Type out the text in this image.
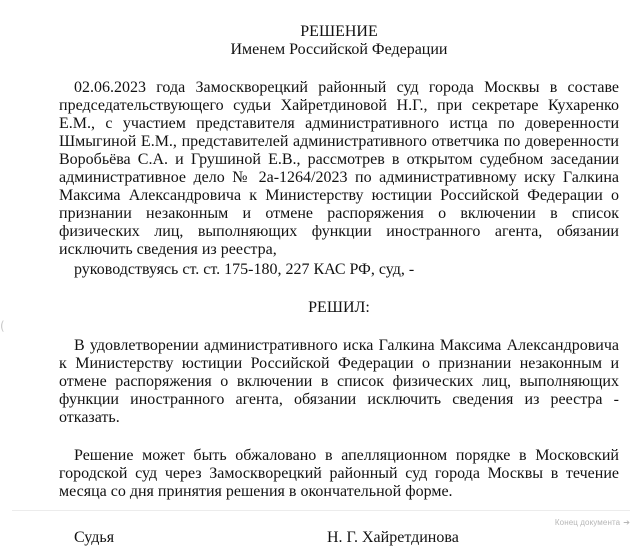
(
РЕШЕНИЕ
Именем Российской Федерации
02.06.2023 года Замоскворецкий районный суд города Москвы в составе председательствующего судьи Хайретдиновой Н.Г., при секретаре Кухаренко Е.М., с участием представителя административного истца по доверенности Шмыгиной Е.М., представителей административного ответчика по доверенности Воробьёва С.А. и Грушиной Е.В., рассмотрев в открытом судебном заседании административное дело № 2а-1264/2023 по административному иску Галкина Максима Александровича к Министерству юстиции Российской Федерации о признании незаконным и отмене распоряжения о включении в список физических лиц, выполняющих функции иностранного агента, обязании исключить сведения из реестра,
руководствуясь ст. ст. 175-180, 227 КАС РФ, суд, -
РЕШИЛ:
В удовлетворении административного иска Галкина Максима Александровича к Министерству юстиции Российской Федерации о признании незаконным и отмене распоряжения о включении в список физических лиц, выполняющих функции иностранного агента, обязании исключить сведения из реестра - отказать.
Решение может быть обжаловано в апелляционном порядке в Московский городской суд через Замоскворецкий районный суд города Москвы в течение месяца со дня принятия решения в окончательной форме.
Судья	Н. Г. Хайретдинова
Конец документа ➔
